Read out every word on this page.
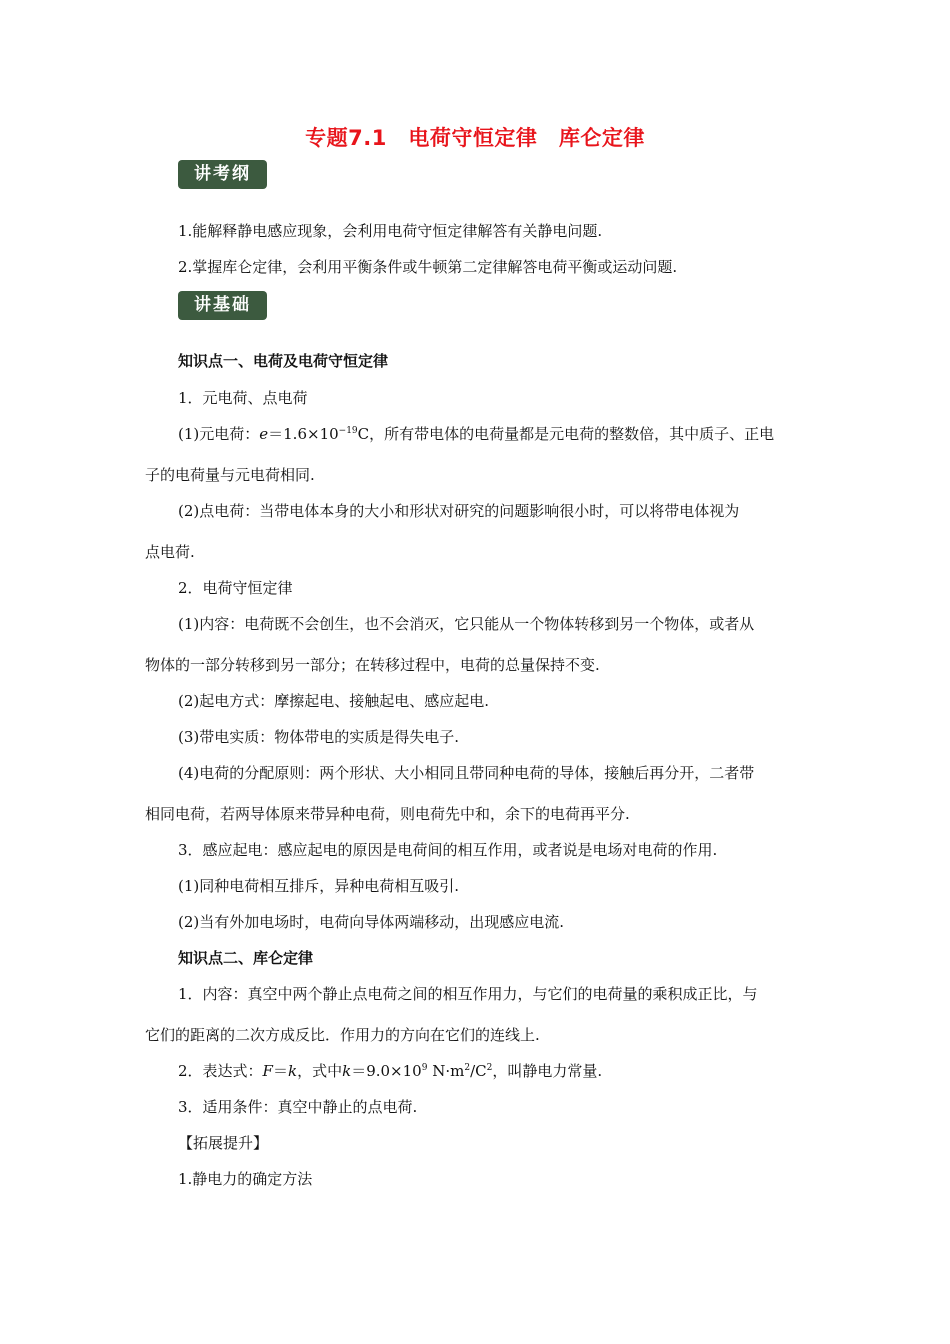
专题7.1　电荷守恒定律　库仑定律
讲考纲
1.能解释静电感应现象，会利用电荷守恒定律解答有关静电问题.
2.掌握库仑定律，会利用平衡条件或牛顿第二定律解答电荷平衡或运动问题.
讲基础
知识点一、电荷及电荷守恒定律
1．元电荷、点电荷
(1)元电荷：$e=1.6\times 10^{-19}C$，所有带电体的电荷量都是元电荷的整数倍，其中质子、正电
子的电荷量与元电荷相同.
(2)点电荷：当带电体本身的大小和形状对研究的问题影响很小时，可以将带电体视为
点电荷.
2．电荷守恒定律
(1)内容：电荷既不会创生，也不会消灭，它只能从一个物体转移到另一个物体，或者从
物体的一部分转移到另一部分；在转移过程中，电荷的总量保持不变.
(2)起电方式：摩擦起电、接触起电、感应起电.
(3)带电实质：物体带电的实质是得失电子.
(4)电荷的分配原则：两个形状、大小相同且带同种电荷的导体，接触后再分开，二者带
相同电荷，若两导体原来带异种电荷，则电荷先中和，余下的电荷再平分.
3．感应起电：感应起电的原因是电荷间的相互作用，或者说是电场对电荷的作用.
(1)同种电荷相互排斥，异种电荷相互吸引.
(2)当有外加电场时，电荷向导体两端移动，出现感应电流.
知识点二、库仑定律
1．内容：真空中两个静止点电荷之间的相互作用力，与它们的电荷量的乘积成正比，与
它们的距离的二次方成反比．作用力的方向在它们的连线上.
2．表达式：F＝k，式中$k=9.0\times 10^9$ $N\cdot m^2/C^2$，叫静电力常量.
3．适用条件：真空中静止的点电荷.
【拓展提升】
1.静电力的确定方法
